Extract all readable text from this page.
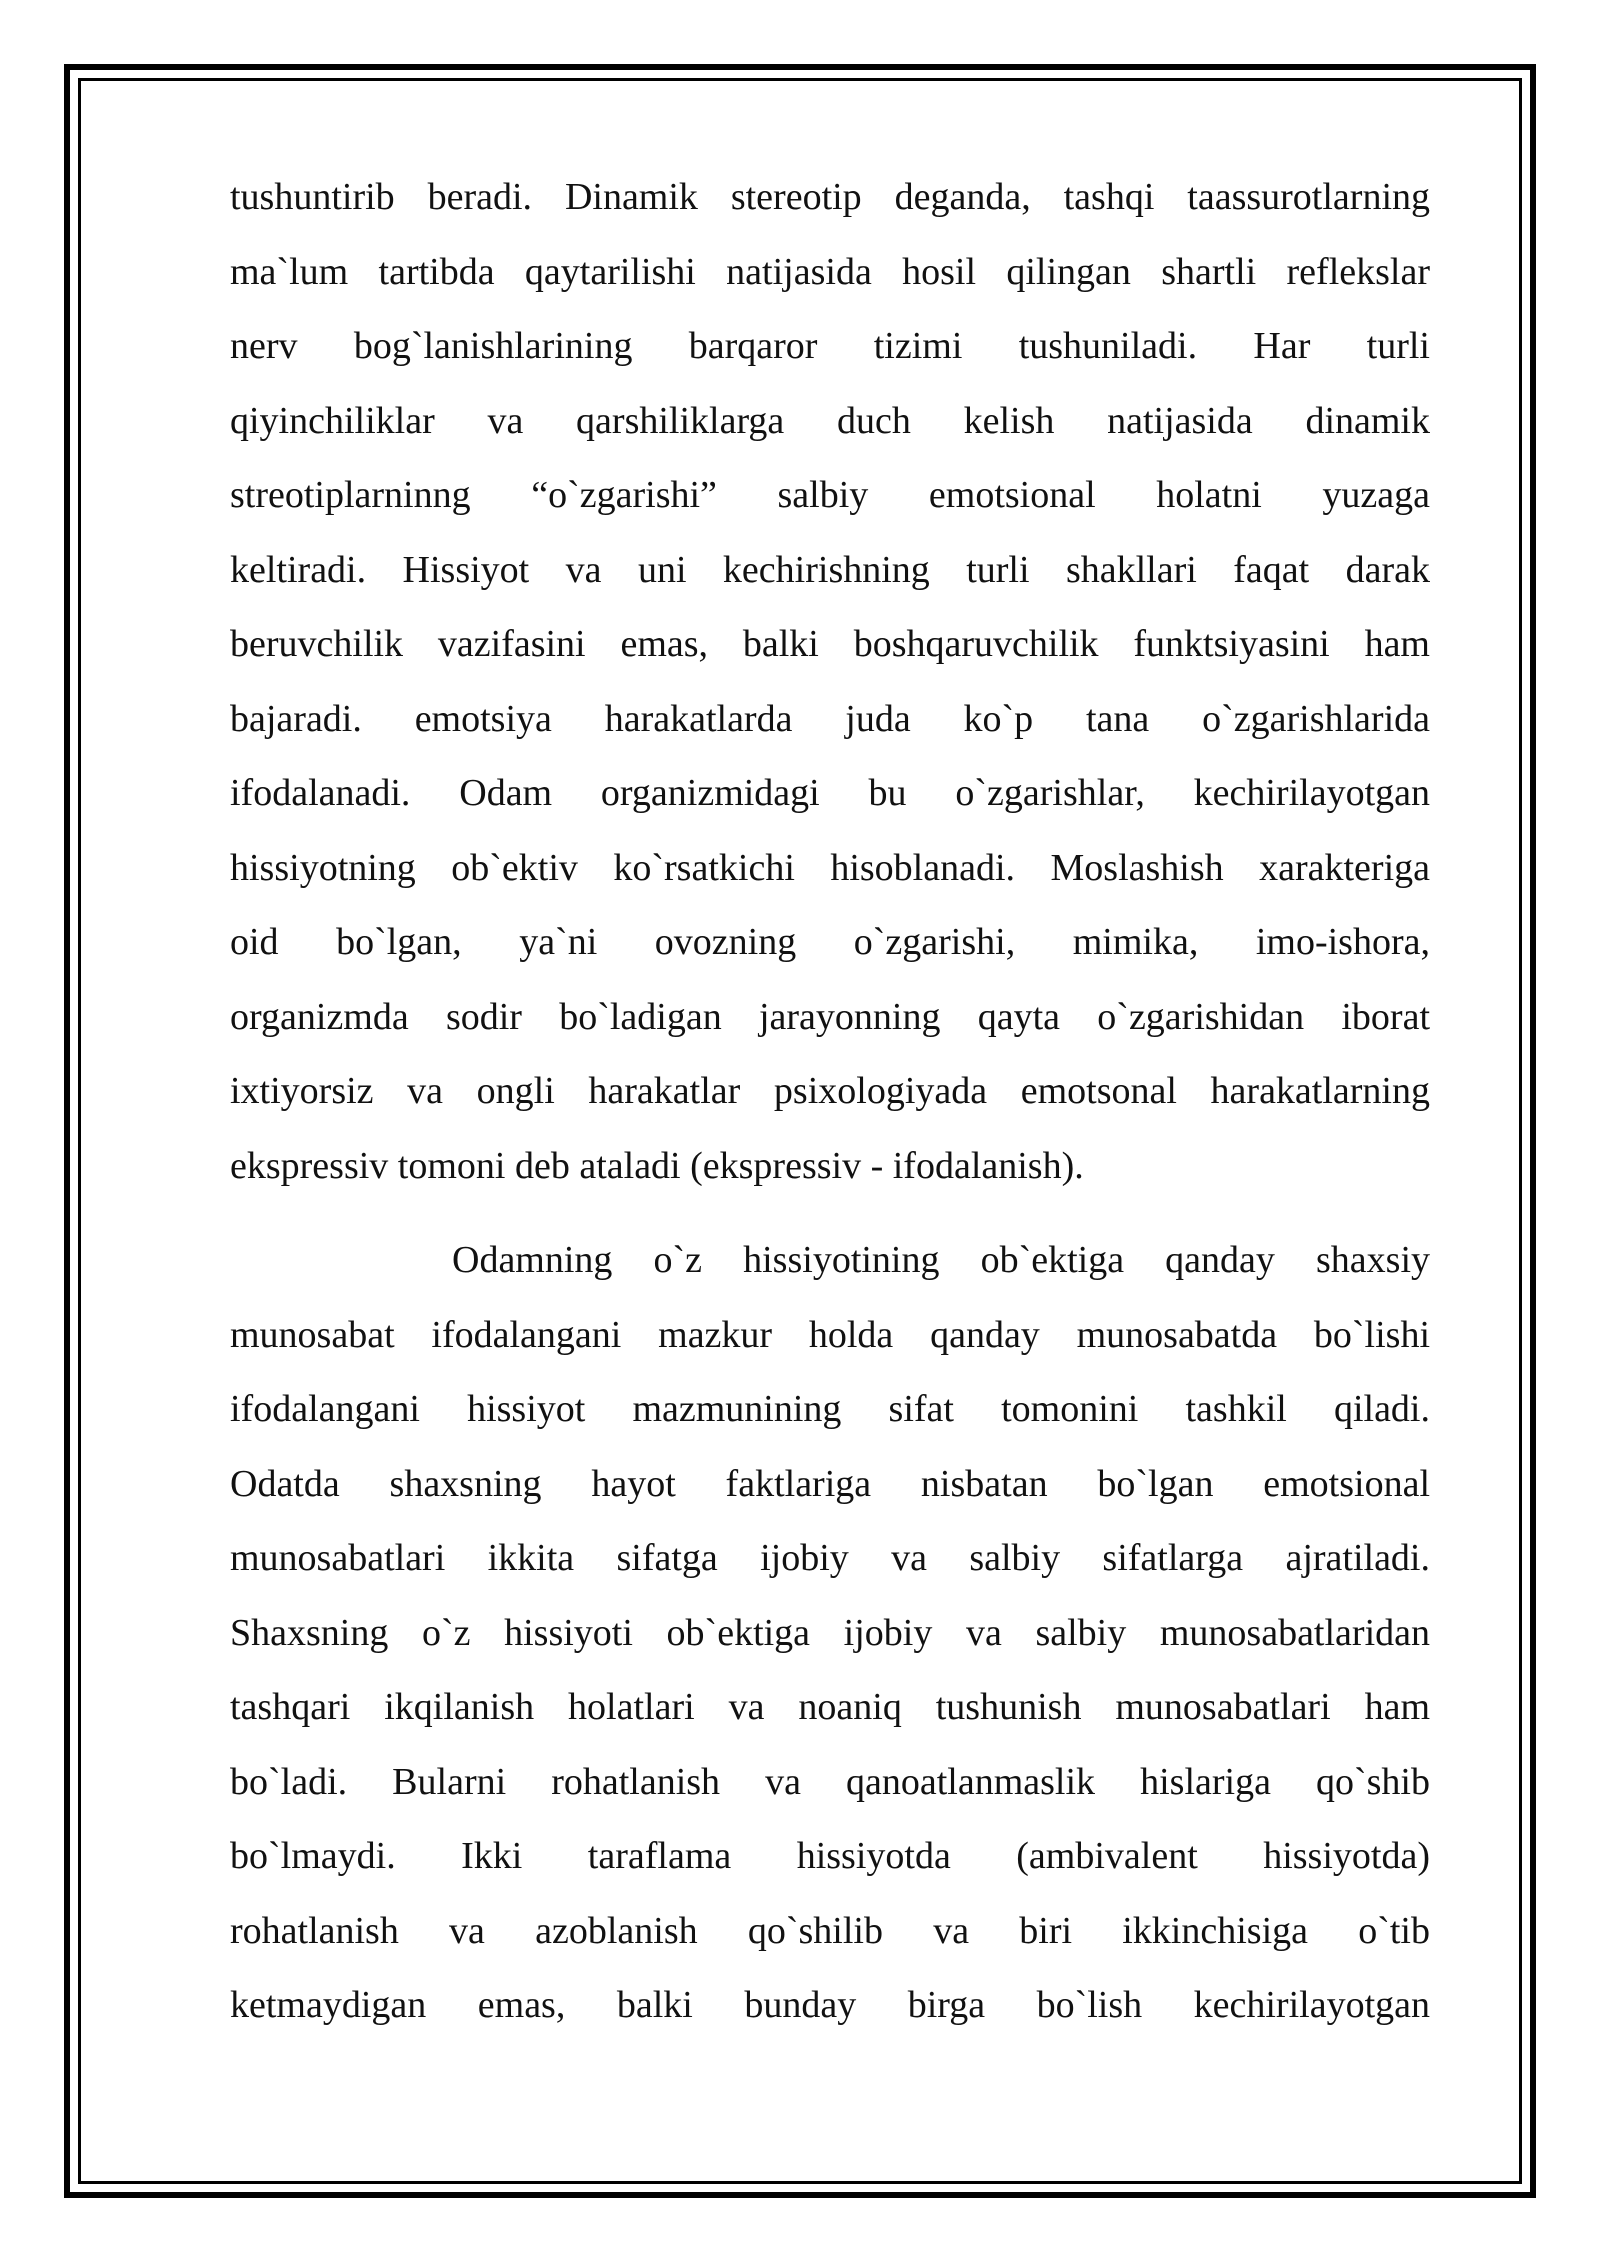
tushuntirib beradi. Dinamik stereotip deganda, tashqi taassurotlarning
ma`lum tartibda qaytarilishi natijasida hosil qilingan shartli reflekslar
nerv bog`lanishlarining barqaror tizimi tushuniladi. Har turli
qiyinchiliklar va qarshiliklarga duch kelish natijasida dinamik
streotiplarninng “o`zgarishi” salbiy emotsional holatni yuzaga
keltiradi. Hissiyot va uni kechirishning turli shakllari faqat darak
beruvchilik vazifasini emas, balki boshqaruvchilik funktsiyasini ham
bajaradi. emotsiya harakatlarda juda ko`p tana o`zgarishlarida
ifodalanadi. Odam organizmidagi bu o`zgarishlar, kechirilayotgan
hissiyotning ob`ektiv ko`rsatkichi hisoblanadi. Moslashish xarakteriga
oid bo`lgan, ya`ni ovozning o`zgarishi, mimika, imo-ishora,
organizmda sodir bo`ladigan jarayonning qayta o`zgarishidan iborat
ixtiyorsiz va ongli harakatlar psixologiyada emotsonal harakatlarning
ekspressiv tomoni deb ataladi (ekspressiv - ifodalanish).
Odamning o`z hissiyotining ob`ektiga qanday shaxsiy
munosabat ifodalangani mazkur holda qanday munosabatda bo`lishi
ifodalangani hissiyot mazmunining sifat tomonini tashkil qiladi.
Odatda shaxsning hayot faktlariga nisbatan bo`lgan emotsional
munosabatlari ikkita sifatga ijobiy va salbiy sifatlarga ajratiladi.
Shaxsning o`z hissiyoti ob`ektiga ijobiy va salbiy munosabatlaridan
tashqari ikqilanish holatlari va noaniq tushunish munosabatlari ham
bo`ladi. Bularni rohatlanish va qanoatlanmaslik hislariga qo`shib
bo`lmaydi. Ikki taraflama hissiyotda (ambivalent hissiyotda)
rohatlanish va azoblanish qo`shilib va biri ikkinchisiga o`tib
ketmaydigan emas, balki bunday birga bo`lish kechirilayotgan
